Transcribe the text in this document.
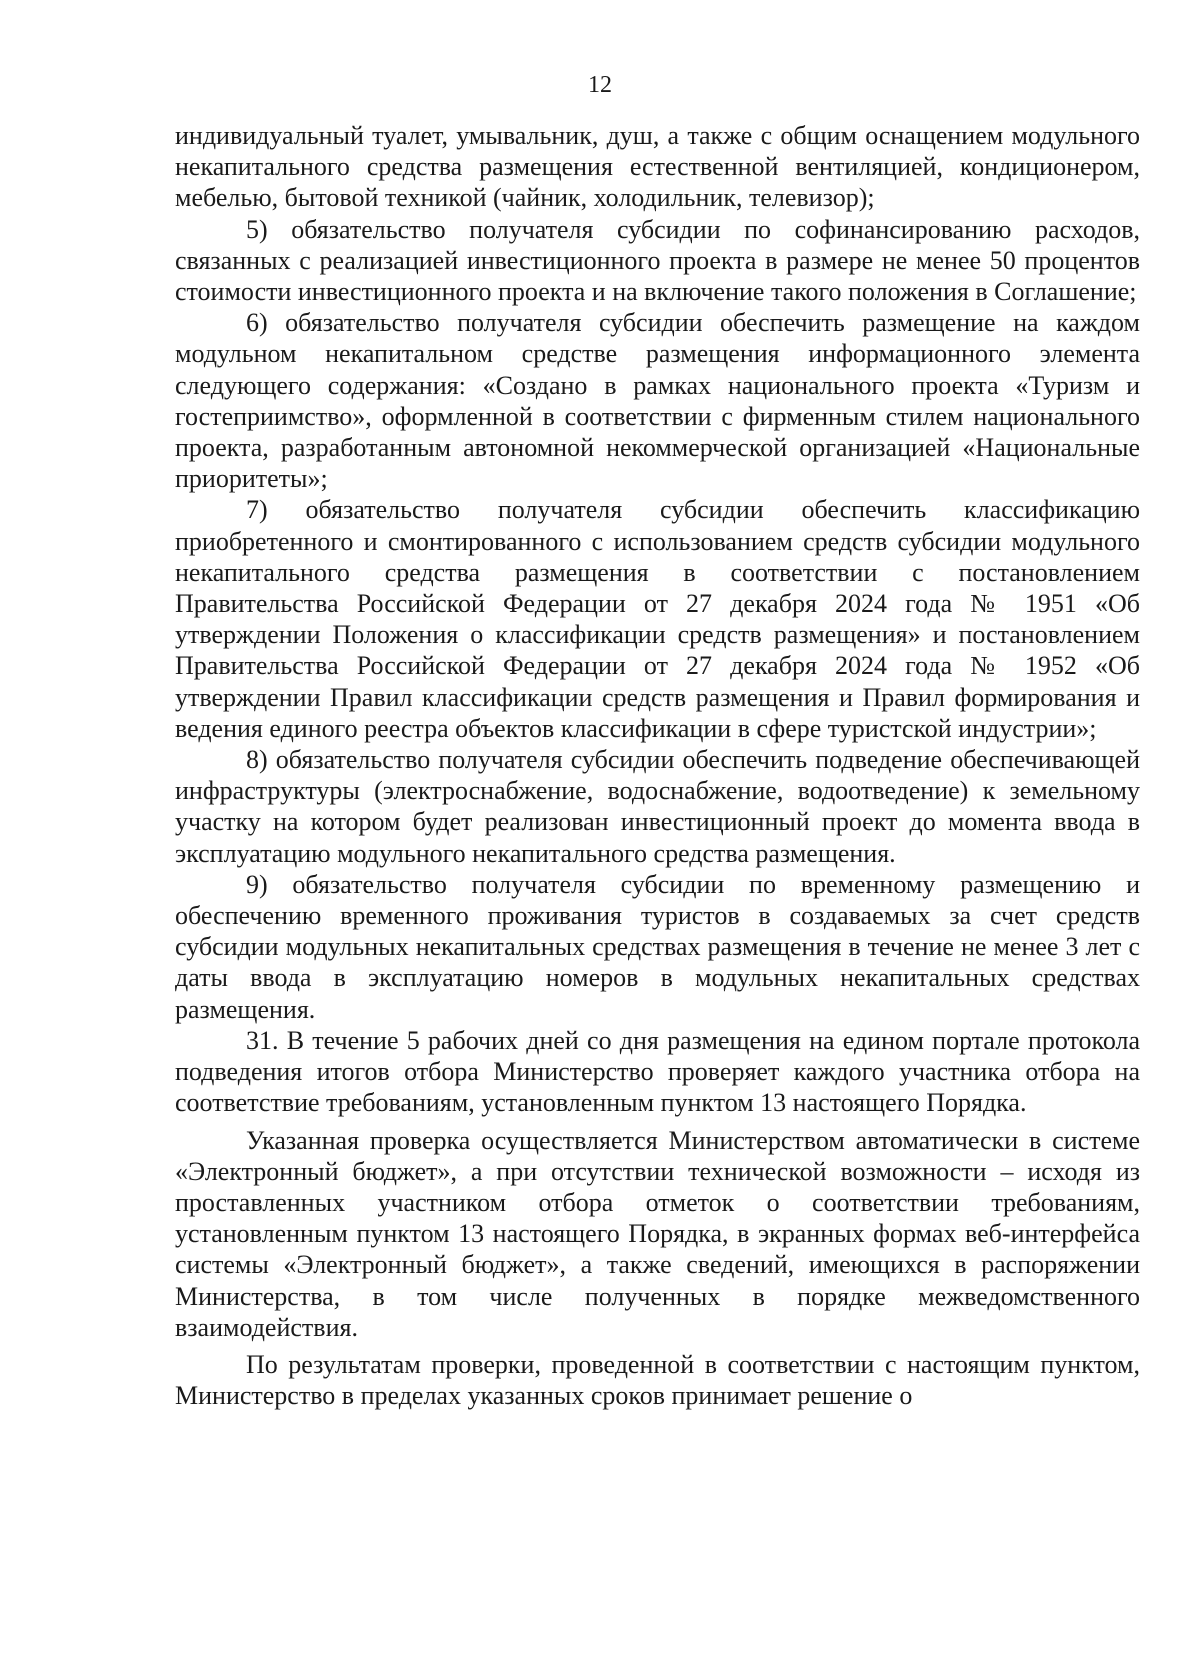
12

индивидуальный туалет, умывальник, душ, а также с общим оснащением модульного некапитального средства размещения естественной вентиляцией, кондиционером, мебелью, бытовой техникой (чайник, холодильник, телевизор);

5) обязательство получателя субсидии по софинансированию расходов, связанных с реализацией инвестиционного проекта в размере не менее 50 процентов стоимости инвестиционного проекта и на включение такого положения в Соглашение;

6) обязательство получателя субсидии обеспечить размещение на каждом модульном некапитальном средстве размещения информационного элемента следующего содержания: «Создано в рамках национального проекта «Туризм и гостеприимство», оформленной в соответствии с фирменным стилем национального проекта, разработанным автономной некоммерческой организацией «Национальные приоритеты»;

7) обязательство получателя субсидии обеспечить классификацию приобретенного и смонтированного с использованием средств субсидии модульного некапитального средства размещения в соответствии с постановлением Правительства Российской Федерации от 27 декабря 2024 года № 1951 «Об утверждении Положения о классификации средств размещения» и постановлением Правительства Российской Федерации от 27 декабря 2024 года № 1952 «Об утверждении Правил классификации средств размещения и Правил формирования и ведения единого реестра объектов классификации в сфере туристской индустрии»;

8) обязательство получателя субсидии обеспечить подведение обеспечивающей инфраструктуры (электроснабжение, водоснабжение, водоотведение) к земельному участку на котором будет реализован инвестиционный проект до момента ввода в эксплуатацию модульного некапитального средства размещения.

9) обязательство получателя субсидии по временному размещению и обеспечению временного проживания туристов в создаваемых за счет средств субсидии модульных некапитальных средствах размещения в течение не менее 3 лет с даты ввода в эксплуатацию номеров в модульных некапитальных средствах размещения.

31. В течение 5 рабочих дней со дня размещения на едином портале протокола подведения итогов отбора Министерство проверяет каждого участника отбора на соответствие требованиям, установленным пунктом 13 настоящего Порядка.

Указанная проверка осуществляется Министерством автоматически в системе «Электронный бюджет», а при отсутствии технической возможности – исходя из проставленных участником отбора отметок о соответствии требованиям, установленным пунктом 13 настоящего Порядка, в экранных формах веб-интерфейса системы «Электронный бюджет», а также сведений, имеющихся в распоряжении Министерства, в том числе полученных в порядке межведомственного взаимодействия.

По результатам проверки, проведенной в соответствии с настоящим пунктом, Министерство в пределах указанных сроков принимает решение о
